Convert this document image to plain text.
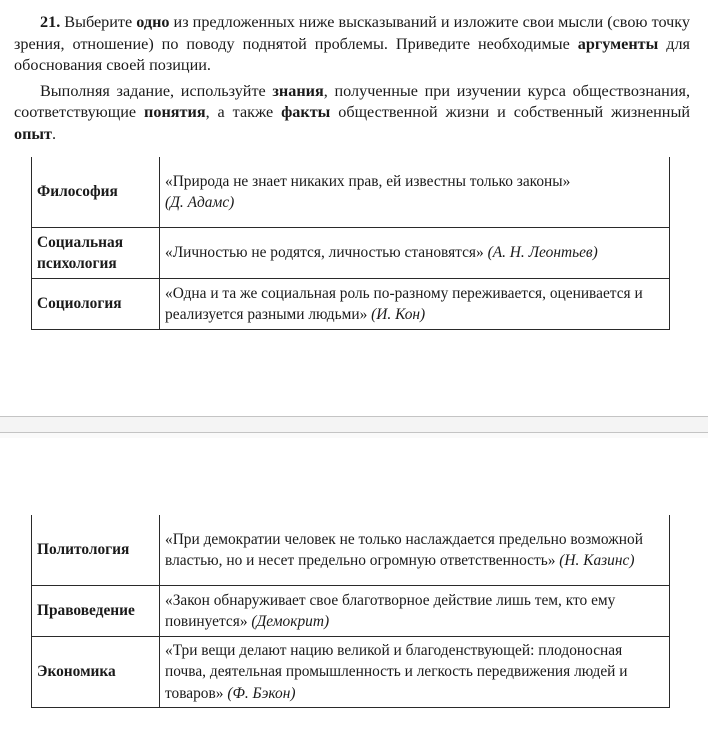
21. Выберите одно из предложенных ниже высказываний и изложите свои мысли (свою точку зрения, отношение) по поводу поднятой проблемы. Приведите необходимые аргументы для обоснования своей позиции.

Выполняя задание, используйте знания, полученные при изучении курса обществознания, соответствующие понятия, а также факты общественной жизни и собственный жизненный опыт.

Философия	«Природа не знает никаких прав, ей известны только законы»
(Д. Адамс)
Социальная психология	«Личностью не родятся, личностью становятся» (А. Н. Леонтьев)
Социология	«Одна и та же социальная роль по-разному переживается, оценивается и реализуется разными людьми» (И. Кон)
Политология	«При демократии человек не только наслаждается предельно возможной властью, но и несет предельно огромную ответственность» (Н. Казинс)
Правоведение	«Закон обнаруживает свое благотворное действие лишь тем, кто ему повинуется» (Демокрит)
Экономика	«Три вещи делают нацию великой и благоденствующей: плодоносная почва, деятельная промышленность и легкость передвижения людей и товаров» (Ф. Бэкон)
